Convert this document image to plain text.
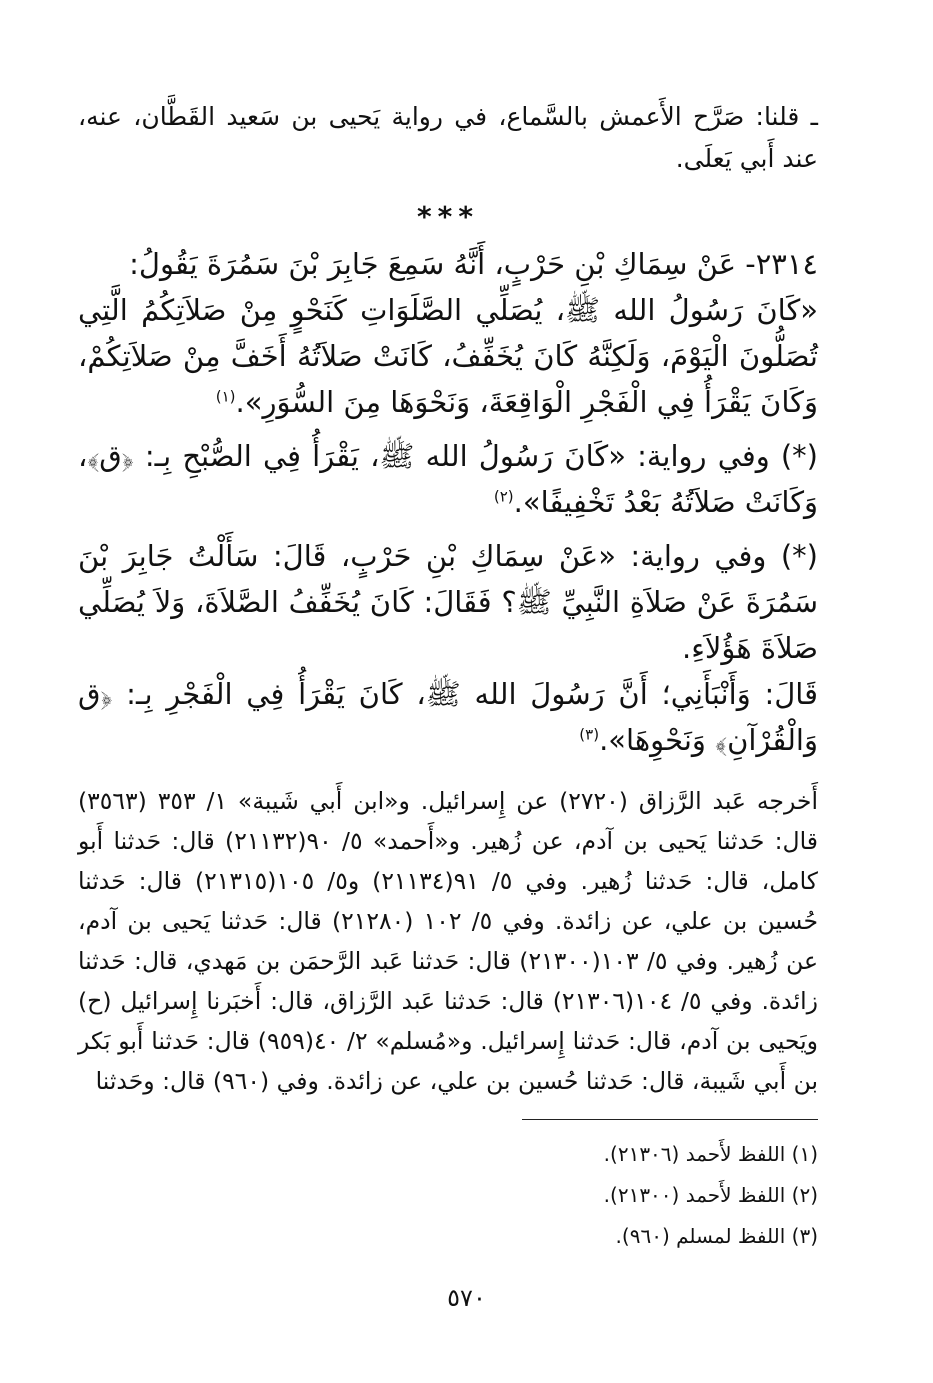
ـ قلنا: صَرَّح الأَعمش بالسَّماع، في رواية يَحيى بن سَعيد القَطَّان، عنه، عند أَبي يَعلَى.

***

٢٣١٤- عَنْ سِمَاكِ بْنِ حَرْبٍ، أَنَّهُ سَمِعَ جَابِرَ بْنَ سَمُرَةَ يَقُولُ:

«كَانَ رَسُولُ الله ﷺ، يُصَلِّي الصَّلَوَاتِ كَنَحْوٍ مِنْ صَلاَتِكُمُ الَّتِي تُصَلُّونَ الْيَوْمَ، وَلَكِنَّهُ كَانَ يُخَفِّفُ، كَانَتْ صَلاَتُهُ أَخَفَّ مِنْ صَلاَتِكُمْ، وَكَانَ يَقْرَأُ فِي الْفَجْرِ الْوَاقِعَةَ، وَنَحْوَهَا مِنَ السُّوَرِ».$^{(١)}$

(*) وفي رواية: «كَانَ رَسُولُ الله ﷺ، يَقْرَأُ فِي الصُّبْحِ بِـ: ﴿ق﴾، وَكَانَتْ صَلاَتُهُ بَعْدُ تَخْفِيفًا».$^{(٢)}$

(*) وفي رواية: «عَنْ سِمَاكِ بْنِ حَرْبٍ، قَالَ: سَأَلْتُ جَابِرَ بْنَ سَمُرَةَ عَنْ صَلاَةِ النَّبِيِّ ﷺ؟ فَقَالَ: كَانَ يُخَفِّفُ الصَّلاَةَ، وَلاَ يُصَلِّي صَلاَةَ هَؤُلاَءِ.

قَالَ: وَأَنْبَأَنِي؛ أَنَّ رَسُولَ الله ﷺ، كَانَ يَقْرَأُ فِي الْفَجْرِ بِـ: ﴿ق وَالْقُرْآنِ﴾ وَنَحْوِهَا».$^{(٣)}$

أَخرجه عَبد الرَّزاق (٢٧٢٠) عن إِسرائيل. و«ابن أَبي شَيبة» ١/ ٣٥٣ (٣٥٦٣) قال: حَدثنا يَحيى بن آدم، عن زُهير. و«أَحمد» ٥/ ٩٠(٢١١٣٢) قال: حَدثنا أَبو كامل، قال: حَدثنا زُهير. وفي ٥/ ٩١(٢١١٣٤) و٥/ ١٠٥(٢١٣١٥) قال: حَدثنا حُسين بن علي، عن زائدة. وفي ٥/ ١٠٢ (٢١٢٨٠) قال: حَدثنا يَحيى بن آدم، عن زُهير. وفي ٥/ ١٠٣(٢١٣٠٠) قال: حَدثنا عَبد الرَّحمَن بن مَهدي، قال: حَدثنا زائدة. وفي ٥/ ١٠٤(٢١٣٠٦) قال: حَدثنا عَبد الرَّزاق، قال: أَخبَرنا إِسرائيل (ح) ويَحيى بن آدم، قال: حَدثنا إِسرائيل. و«مُسلم» ٢/ ٤٠(٩٥٩) قال: حَدثنا أَبو بَكر بن أَبي شَيبة، قال: حَدثنا حُسين بن علي، عن زائدة. وفي (٩٦٠) قال: وحَدثنا

(١) اللفظ لأَحمد (٢١٣٠٦).
(٢) اللفظ لأَحمد (٢١٣٠٠).
(٣) اللفظ لمسلم (٩٦٠).
٥٧٠
